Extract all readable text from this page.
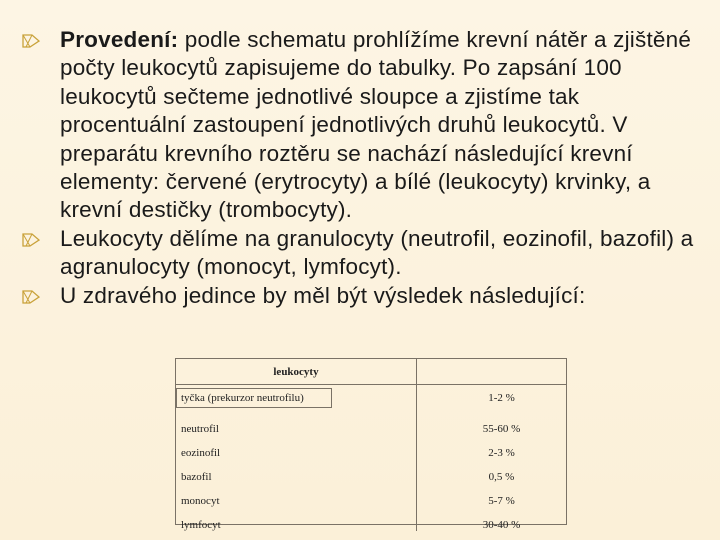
Provedení: podle schematu prohlížíme krevní nátěr a zjištěné počty leukocytů zapisujeme do tabulky. Po zapsání 100 leukocytů sečteme jednotlivé sloupce a zjistíme tak procentuální zastoupení jednotlivých druhů leukocytů. V preparátu krevního roztěru se nachází následující krevní elementy: červené (erytrocyty) a bílé (leukocyty) krvinky, a krevní destičky (trombocyty).
Leukocyty dělíme na granulocyty (neutrofil, eozinofil, bazofil) a agranulocyty (monocyt, lymfocyt).
U zdravého jedince by měl být výsledek následující:
leukocyty	
tyčka (prekurzor neutrofilu)	1-2 %
neutrofil	55-60 %
eozinofil	2-3 %
bazofil	0,5 %
monocyt	5-7 %
lymfocyt	30-40 %
